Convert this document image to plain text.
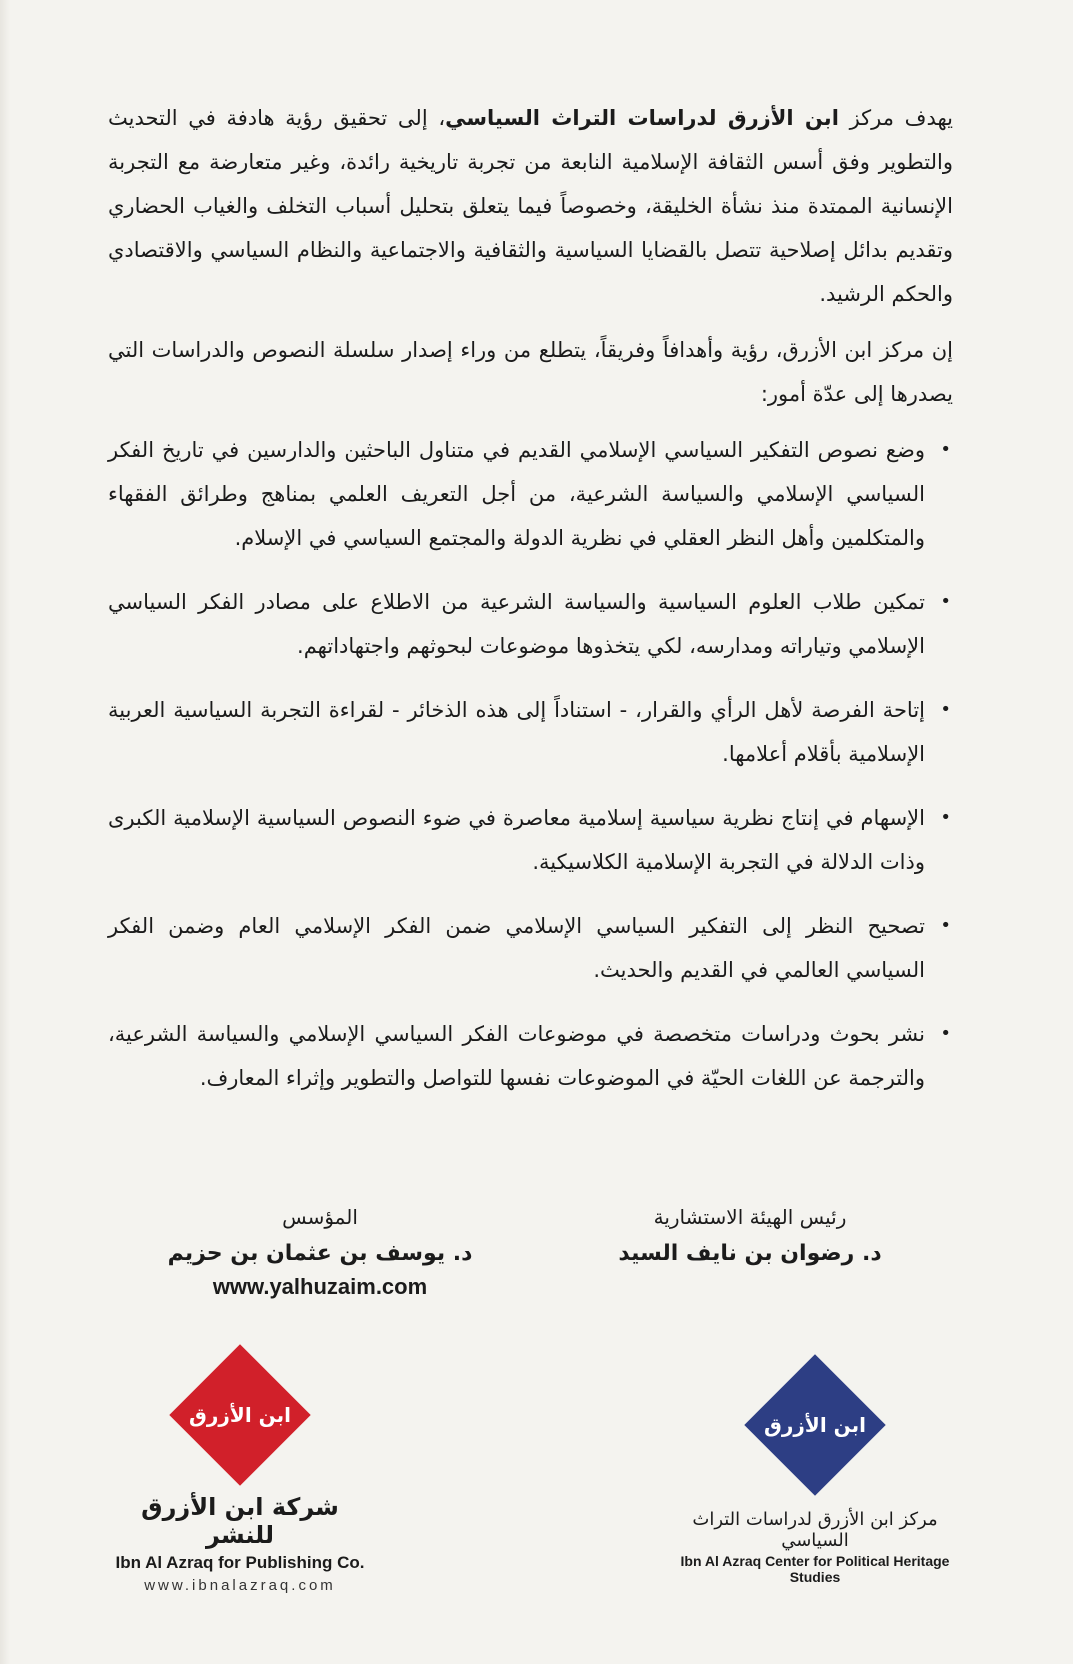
يهدف مركز ابن الأزرق لدراسات التراث السياسي، إلى تحقيق رؤية هادفة في التحديث والتطوير وفق أسس الثقافة الإسلامية النابعة من تجربة تاريخية رائدة، وغير متعارضة مع التجربة الإنسانية الممتدة منذ نشأة الخليقة، وخصوصاً فيما يتعلق بتحليل أسباب التخلف والغياب الحضاري وتقديم بدائل إصلاحية تتصل بالقضايا السياسية والثقافية والاجتماعية والنظام السياسي والاقتصادي والحكم الرشيد.

إن مركز ابن الأزرق، رؤية وأهدافاً وفريقاً، يتطلع من وراء إصدار سلسلة النصوص والدراسات التي يصدرها إلى عدّة أمور:

•
وضع نصوص التفكير السياسي الإسلامي القديم في متناول الباحثين والدارسين في تاريخ الفكر السياسي الإسلامي والسياسة الشرعية، من أجل التعريف العلمي بمناهج وطرائق الفقهاء والمتكلمين وأهل النظر العقلي في نظرية الدولة والمجتمع السياسي في الإسلام.
•
تمكين طلاب العلوم السياسية والسياسة الشرعية من الاطلاع على مصادر الفكر السياسي الإسلامي وتياراته ومدارسه، لكي يتخذوها موضوعات لبحوثهم واجتهاداتهم.
•
إتاحة الفرصة لأهل الرأي والقرار، - استناداً إلى هذه الذخائر - لقراءة التجربة السياسية العربية الإسلامية بأقلام أعلامها.
•
الإسهام في إنتاج نظرية سياسية إسلامية معاصرة في ضوء النصوص السياسية الإسلامية الكبرى وذات الدلالة في التجربة الإسلامية الكلاسيكية.
•
تصحيح النظر إلى التفكير السياسي الإسلامي ضمن الفكر الإسلامي العام وضمن الفكر السياسي العالمي في القديم والحديث.
•
نشر بحوث ودراسات متخصصة في موضوعات الفكر السياسي الإسلامي والسياسة الشرعية، والترجمة عن اللغات الحيّة في الموضوعات نفسها للتواصل والتطوير وإثراء المعارف.
رئيس الهيئة الاستشارية
د. رضوان بن نايف السيد
المؤسس
د. يوسف بن عثمان بن حزيم
www.yalhuzaim.com
ابن الأزرق
شركة ابن الأزرق للنشر
Ibn Al Azraq for Publishing Co.
www.ibnalazraq.com
ابن الأزرق
مركز ابن الأزرق لدراسات التراث السياسي
Ibn Al Azraq Center for Political Heritage Studies
